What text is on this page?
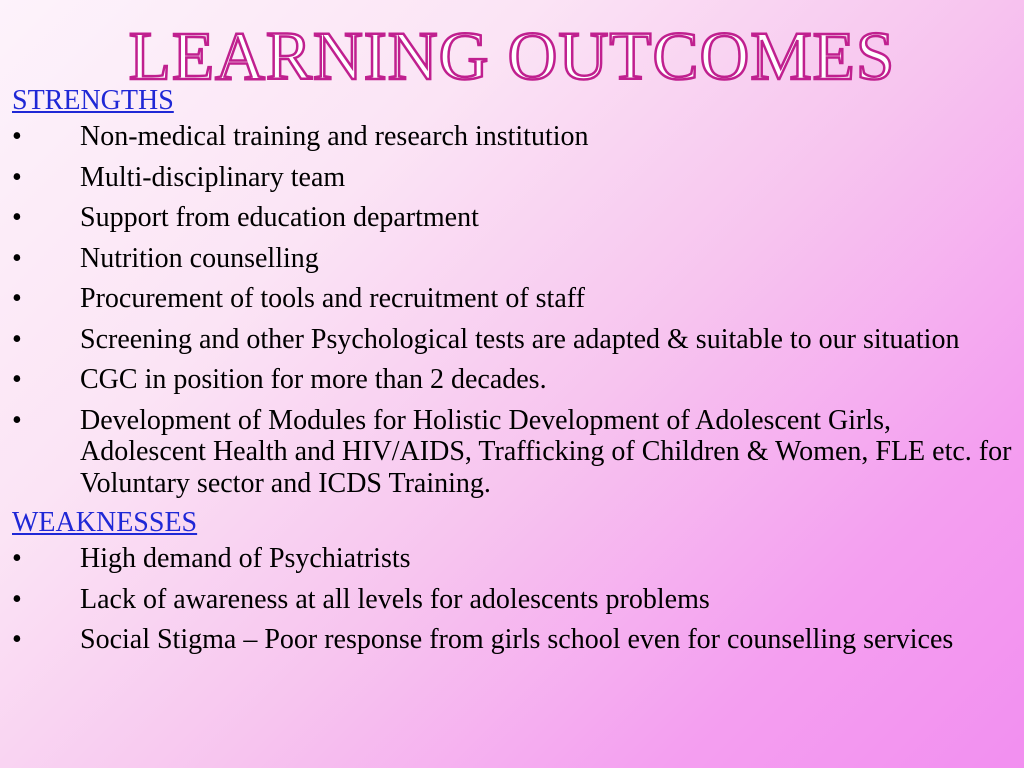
LEARNING OUTCOMES
STRENGTHS
• Non-medical training and research institution
• Multi-disciplinary team
• Support from education department
• Nutrition counselling
• Procurement of tools and recruitment of staff
• Screening and other Psychological tests are adapted & suitable to our situation
• CGC in position for more than 2 decades.
• Development of Modules for Holistic Development of Adolescent Girls, Adolescent Health and HIV/AIDS, Trafficking of Children & Women, FLE etc. for Voluntary sector and ICDS Training.
WEAKNESSES
• High demand of Psychiatrists
• Lack of awareness at all levels for adolescents problems
• Social Stigma – Poor response from girls school even for counselling services
